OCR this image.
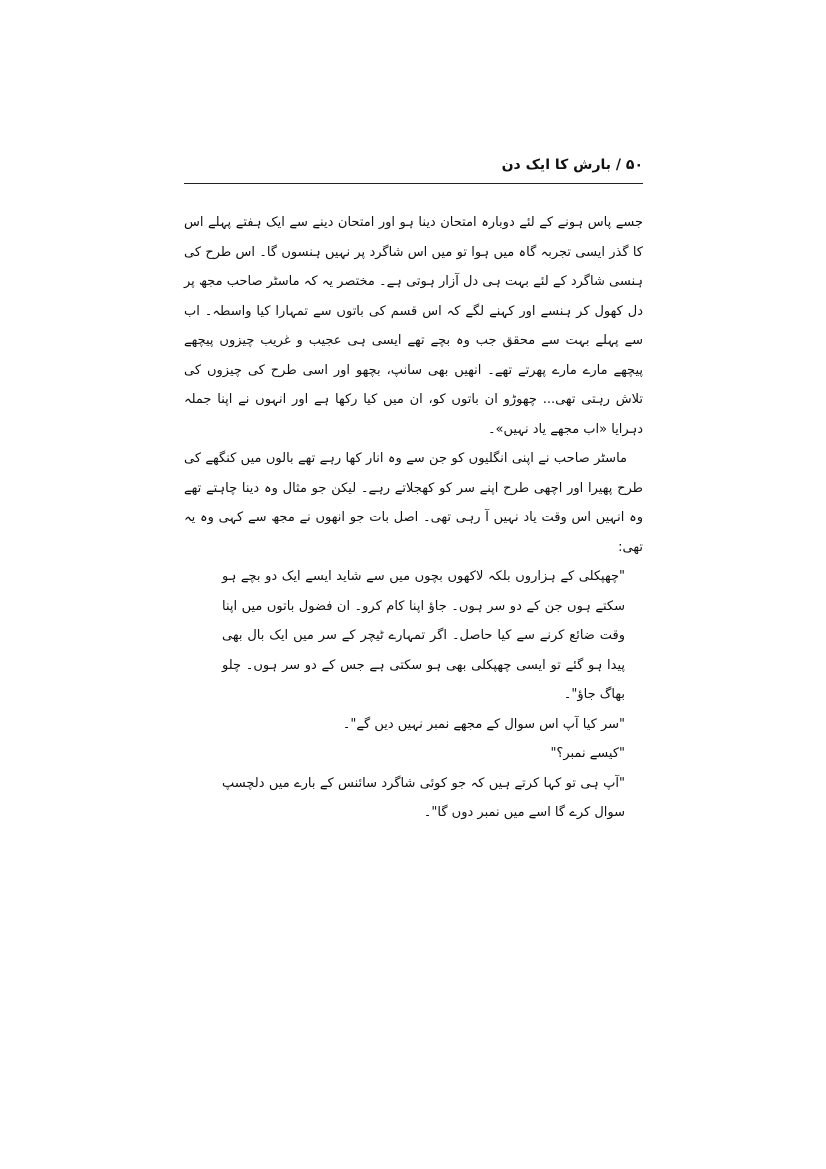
۵۰ / بارش کا ایک دن

جسے پاس ہونے کے لئے دوبارہ امتحان دینا ہو اور امتحان دینے سے ایک ہفتے پہلے اس کا گذر ایسی تجربہ گاہ میں ہوا تو میں اس شاگرد پر نہیں ہنسوں گا۔ اس طرح کی ہنسی شاگرد کے لئے بہت ہی دل آزار ہوتی ہے۔ مختصر یہ کہ ماسٹر صاحب مجھ پر دل کھول کر ہنسے اور کہنے لگے کہ اس قسم کی باتوں سے تمہارا کیا واسطہ۔ اب سے پہلے بہت سے محقق جب وہ بچے تھے ایسی ہی عجیب و غریب چیزوں پیچھے پیچھے مارے مارے پھرتے تھے۔ انھیں بھی سانپ، بچھو اور اسی طرح کی چیزوں کی تلاش رہتی تھی... چھوڑو ان باتوں کو، ان میں کیا رکھا ہے اور انہوں نے اپنا جملہ دہرایا «اب مجھے یاد نہیں»۔

ماسٹر صاحب نے اپنی انگلیوں کو جن سے وہ انار کھا رہے تھے بالوں میں کنگھے کی طرح پھیرا اور اچھی طرح اپنے سر کو کھجلاتے رہے۔ لیکن جو مثال وہ دینا چاہتے تھے وہ انہیں اس وقت یاد نہیں آ رہی تھی۔ اصل بات جو انھوں نے مجھ سے کہی وہ یہ تھی:

"چھپکلی کے ہزاروں بلکہ لاکھوں بچوں میں سے شاید ایسے ایک دو بچے ہو سکتے ہوں جن کے دو سر ہوں۔ جاؤ اپنا کام کرو۔ ان فضول باتوں میں اپنا وقت ضائع کرنے سے کیا حاصل۔ اگر تمہارے ٹیچر کے سر میں ایک بال بھی پیدا ہو گئے تو ایسی چھپکلی بھی ہو سکتی ہے جس کے دو سر ہوں۔ چلو بھاگ جاؤ"۔

"سر کیا آپ اس سوال کے مجھے نمبر نہیں دیں گے"۔

"کیسے نمبر؟"

"آپ ہی تو کہا کرتے ہیں کہ جو کوئی شاگرد سائنس کے بارے میں دلچسپ سوال کرے گا اسے میں نمبر دوں گا"۔
